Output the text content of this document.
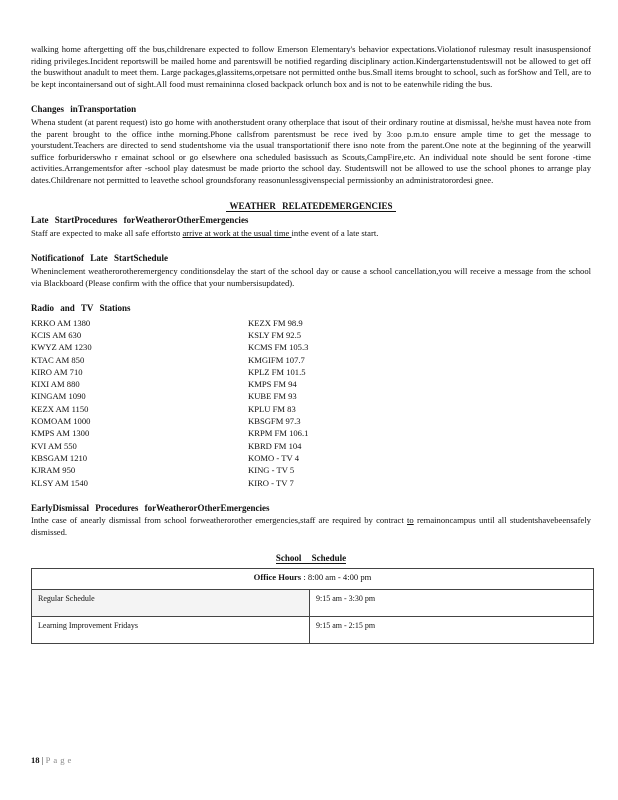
walking home aftergetting off the bus,childrenare expected to follow Emerson Elementary's behavior expectations.Violationof rulesmay result inasuspensionof riding privileges.Incident reportswill be mailed home and parentswill be notified regarding disciplinary action.Kindergartenstudentswill not be allowed to get off the buswithout anadult to meet them. Large packages,glassitems,orpetsare not permitted onthe bus.Small items brought to school, such as forShow and Tell, are to be kept incontainersand out of sight.All food must remaininna closed backpack orlunch box and is not to be eatenwhile riding the bus.

Changes inTransportation

Whena student (at parent request) isto go home with anotherstudent orany otherplace that isout of their ordinary routine at dismissal, he/she must havea note from the parent brought to the office inthe morning.Phone callsfrom parentsmust be rece ived by 3:oo p.m.to ensure ample time to get the message to yourstudent.Teachers are directed to send studentshome via the usual transportationif there isno note from the parent.One note at the beginning of the yearwill suffice forburiderswho r emainat school or go elsewhere ona scheduled basissuch as Scouts,CampFire,etc. An individual note should be sent forone -time activities.Arrangementsfor after -school play datesmust be made priorto the school day. Studentswill not be allowed to use the school phones to arrange play dates.Childrenare not permitted to leavethe school groundsforany reasonunlessgivenspecial permissionby an administratorordesi gnee.

WEATHER RELATEDEMERGENCIES
Late StartProcedures forWeatherorOtherEmergencies

Staff are expected to make all safe effortsto arrive at work at the usual time inthe event of a late start.

Notificationof Late StartSchedule

Wheninclement weatherorotheremergency conditionsdelay the start of the school day or cause a school cancellation,you will receive a message from the school via Blackboard (Please confirm with the office that your numbersisupdated).

Radio and TV Stations
KRKO AM 1380
KCIS AM 630
KWYZ AM 1230
KTAC AM 850
KIRO AM 710
KIXI AM 880
KINGAM 1090
KEZX AM 1150
KOMOAM 1000
KMPS AM 1300
KVI AM 550
KBSGAM 1210
KJRAM 950
KLSY AM 1540
KEZX FM 98.9
KSLY FM 92.5
KCMS FM 105.3
KMGIFM 107.7
KPLZ FM 101.5
KMPS FM 94
KUBE FM 93
KPLU FM 83
KBSGFM 97.3
KRPM FM 106.1
KBRD FM 104
KOMO - TV 4
KING - TV 5
KIRO - TV 7
EarlyDismissal Procedures forWeatherorOtherEmergencies

Inthe case of anearly dismissal from school forweatherorother emergencies,staff are required by contract to remainoncampus until all studentshavebeensafely dismissed.

School Schedule
Office Hours : 8:00 am - 4:00 pm	
Regular Schedule	9:15 am - 3:30 pm
Learning Improvement Fridays	9:15 am - 2:15 pm
18 | Page
